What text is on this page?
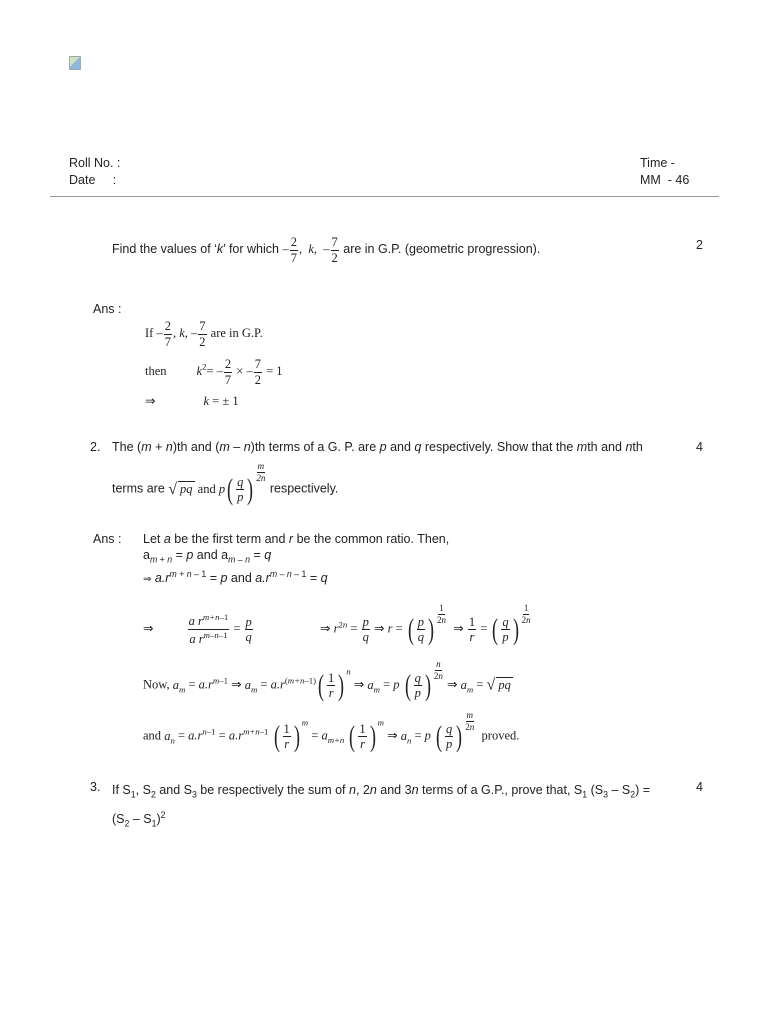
Roll No. :
Date     :
Time -
MM  - 46
Find the values of ‘k’ for which – $\frac{2}{7}$ ,  k,  – $\frac{7}{2}$ are in G.P. (geometric progression).	2
Ans :
If – $\frac{2}{7}$ , k, – $\frac{7}{2}$ are in G.P.
then $k^2= - \frac{2}{7}$ × – $\frac{7}{2} = 1$
⇒	k = ± 1
2. The (m + n)th and (m – n)th terms of a G. P. are p and q respectively. Show that the mth and nth	4
terms are √ pq and $p( \frac{q}{p}$ )
$^{\frac{m}{2n}}$
respectively.
Ans : Let a be the first term and r be the common ratio. Then,
$a_{m + n} = p$ and $a_{m - n} = q$
⇒ $a.r^{m + n - 1} = p$ and $a.r^{m - n - 1} = q$
⇒	$\frac{a r^{m+n-1}}{a r^{m-n-1}} = \frac{p}{q}$	⇒ $r^{2n} = \frac{p}{q}$ ⇒ r = ( $\frac{p}{q}$ ) $^{\frac{1}{2n}}$
⇒ $\frac{1}{r}$ = ( $\frac{q}{p}$ ) $^{\frac{1}{2n}}$
Now, $a_m = a.r^{m-1}$ ⇒ $a_m = a.r^{(m+n-1)}( \frac{1}{r}$ ) $^n$ ⇒ $a_m = p$ ( $\frac{q}{p}$ ) $^{\frac{n}{2n}}$
⇒ $a_m$ = √ pq
and $a_n = a.r^{n-1} = a.r^{m+n-1}$ ( $\frac{1}{r}$ ) $^m = a_{m+n}$ ( $\frac{1}{r}$ ) $^m$ ⇒ $a_n = p$ ( $\frac{q}{p}$ ) $^{\frac{m}{2n}}$
proved.
3. If $S_1$, $S_2$ and $S_3$ be respectively the sum of n, 2n and 3n terms of a G.P., prove that, $S_1$ $(S_3 - S_2)$ =
$(S_2 - S_1)^2$
4
